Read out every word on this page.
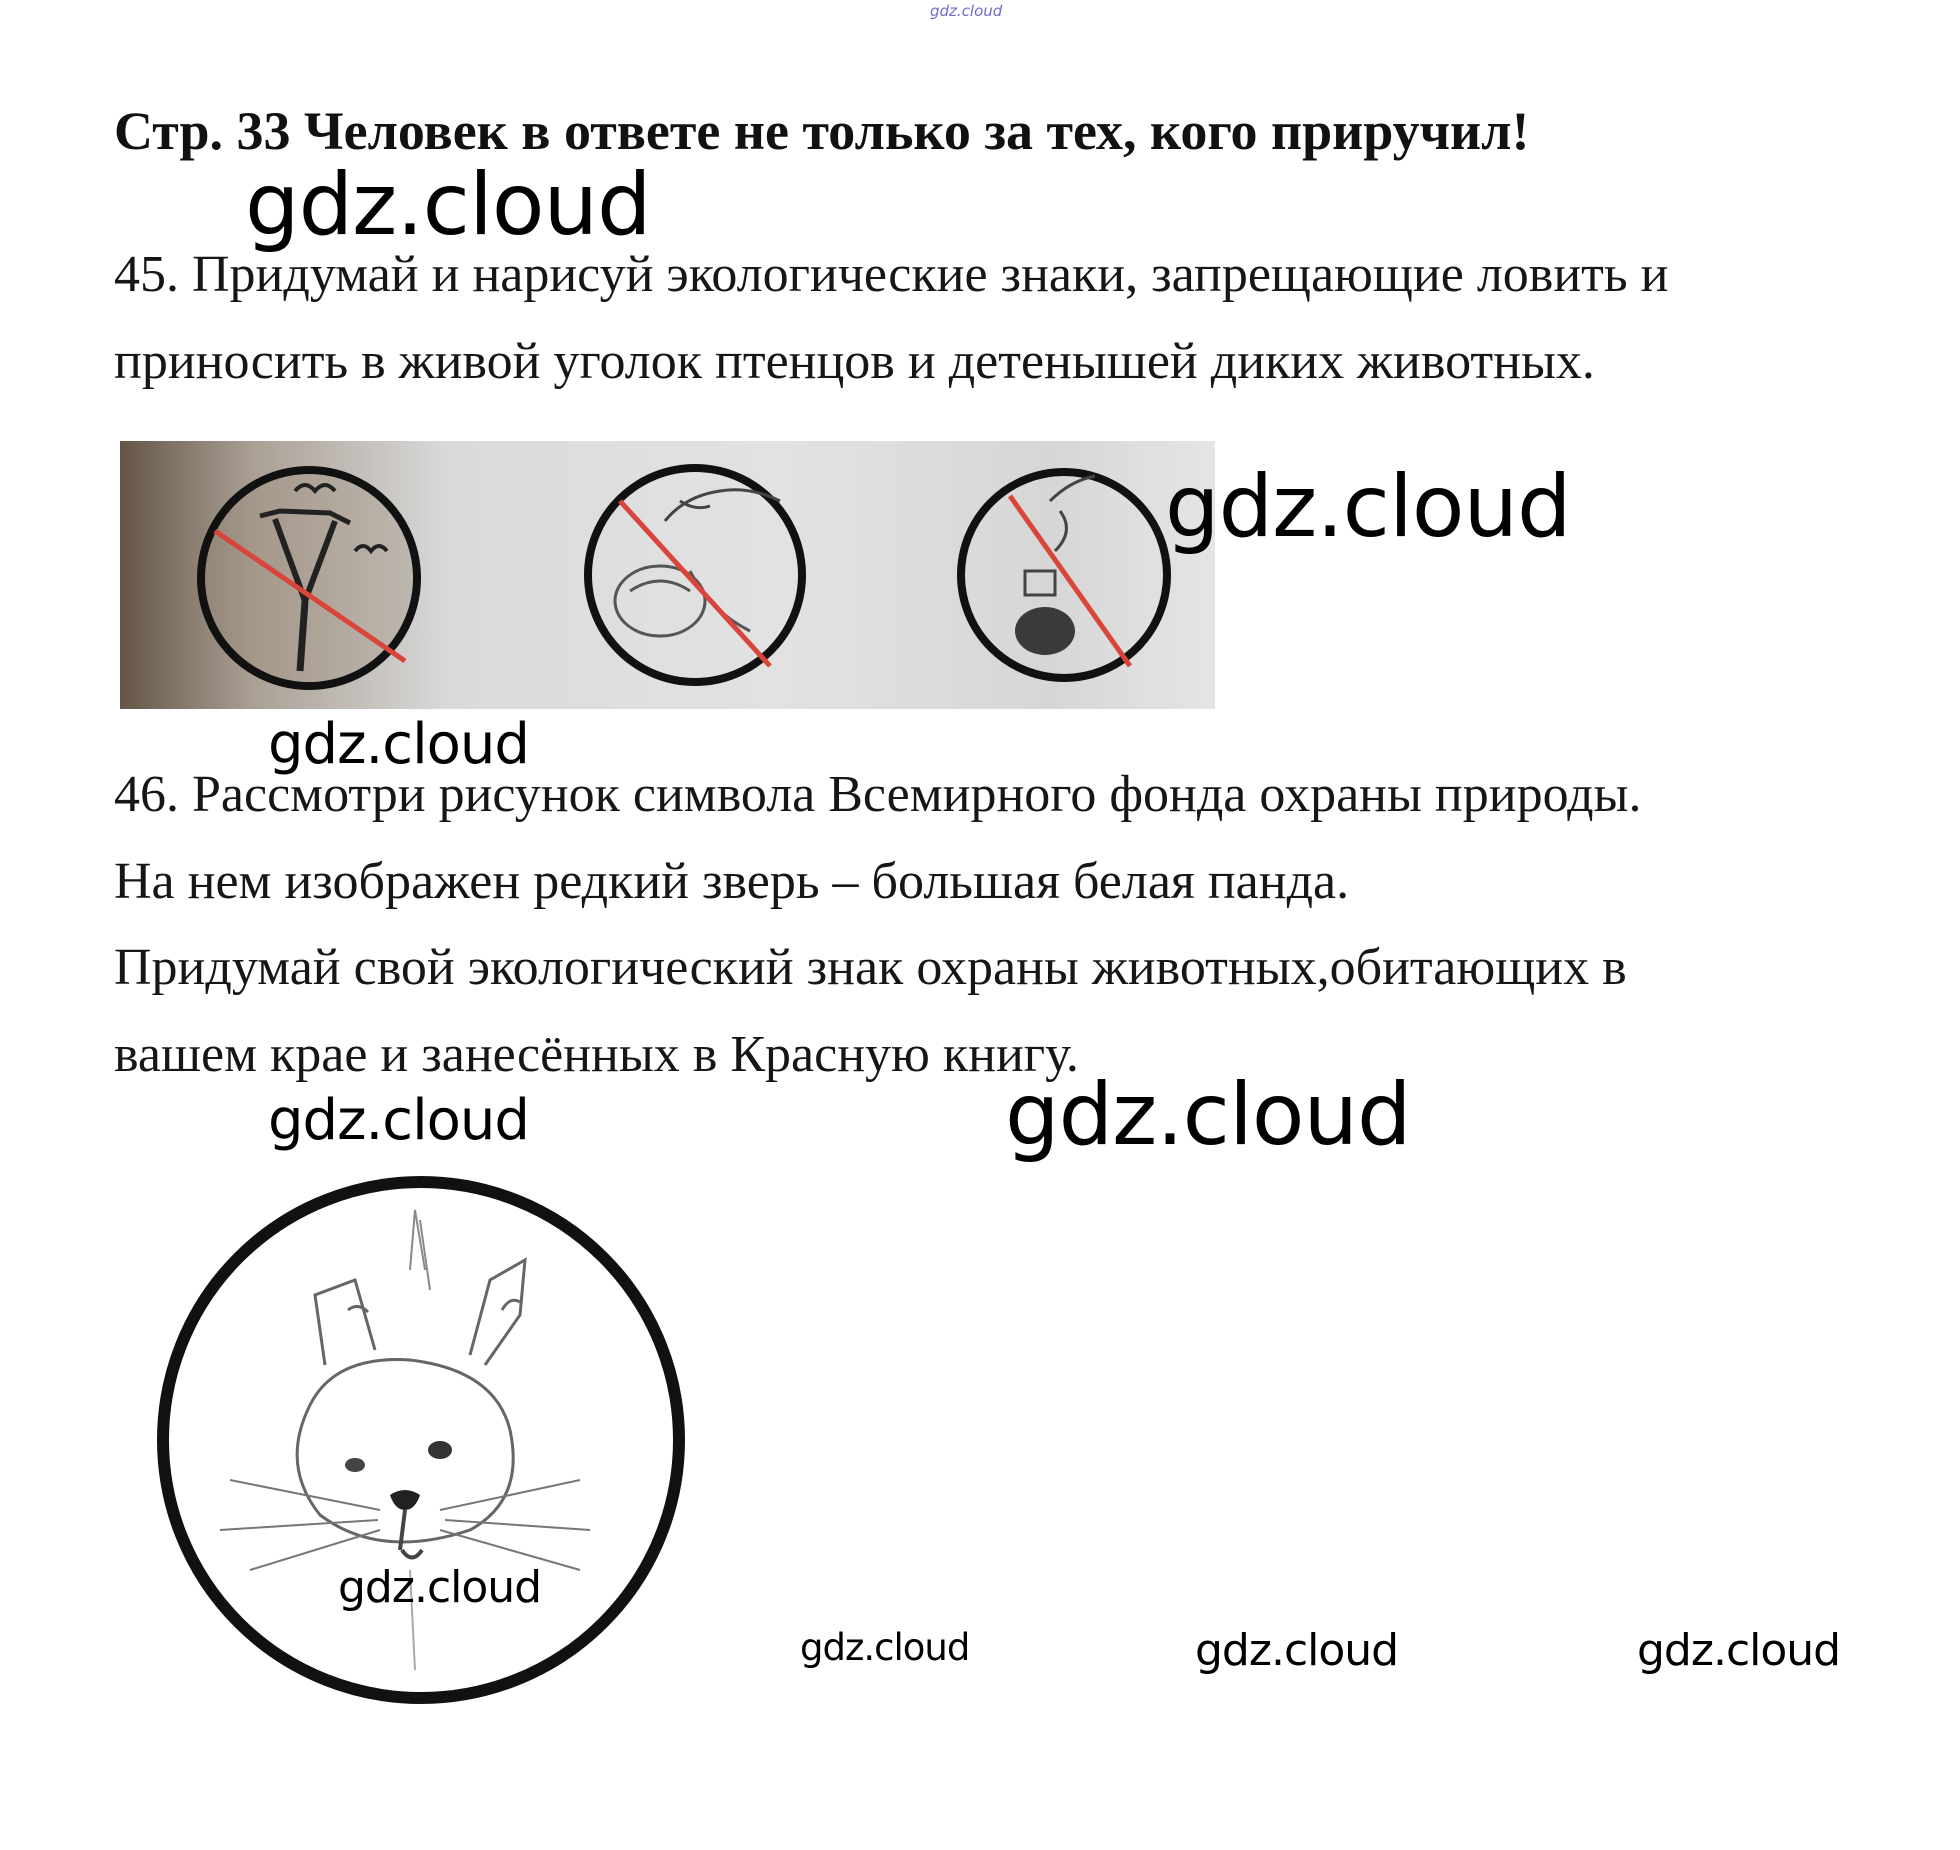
gdz.cloud
Стр. 33 Человек в ответе не только за тех, кого приручил!
gdz.cloud
45. Придумай и нарисуй экологические знаки, запрещающие ловить и
приносить в живой уголок птенцов и детенышей диких животных.
gdz.cloud
gdz.cloud
46. Рассмотри рисунок символа Всемирного фонда охраны природы.
На нем изображен редкий зверь – большая белая панда.
Придумай свой экологический знак охраны животных,обитающих в
вашем крае и занесённых в Красную книгу.
gdz.cloud	gdz.cloud
gdz.cloud
gdz.cloud	gdz.cloud	gdz.cloud
